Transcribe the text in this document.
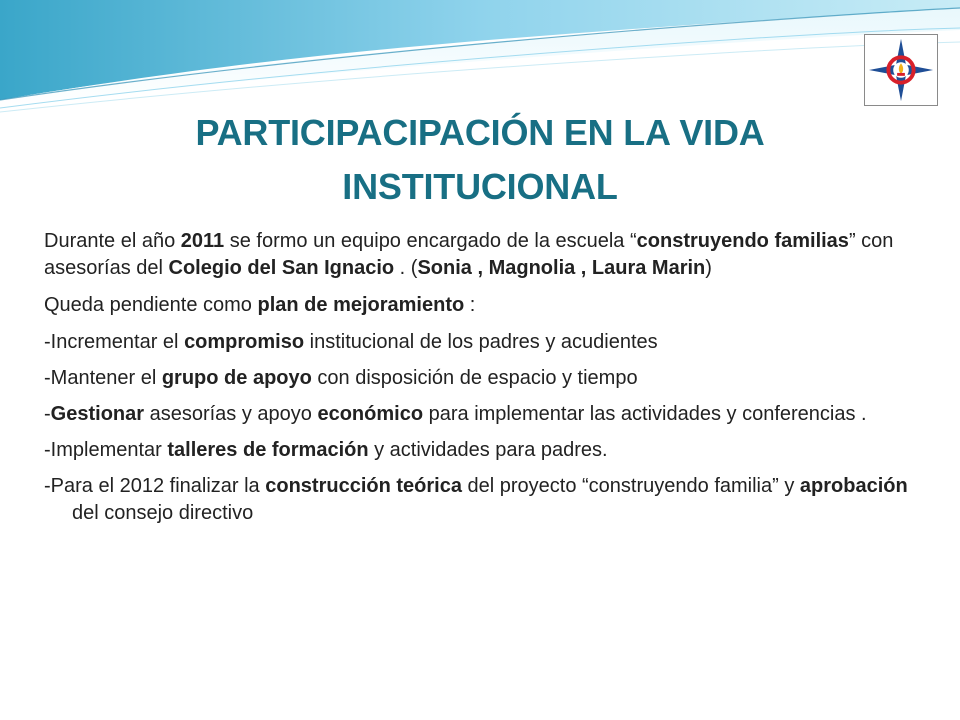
PARTICIPACIPACIÓN EN LA VIDA
INSTITUCIONAL

Durante el año 2011 se formo un equipo encargado de la escuela “construyendo familias” con asesorías del Colegio del San Ignacio . (Sonia , Magnolia , Laura Marin)

Queda pendiente como plan de mejoramiento :

-Incrementar el compromiso institucional de los padres y acudientes

-Mantener el grupo de apoyo con disposición de espacio y tiempo

-Gestionar asesorías y apoyo económico para implementar las actividades y conferencias .

-Implementar talleres de formación y actividades para padres.

-Para el 2012 finalizar la construcción teórica del proyecto “construyendo familia” y aprobación del consejo directivo
